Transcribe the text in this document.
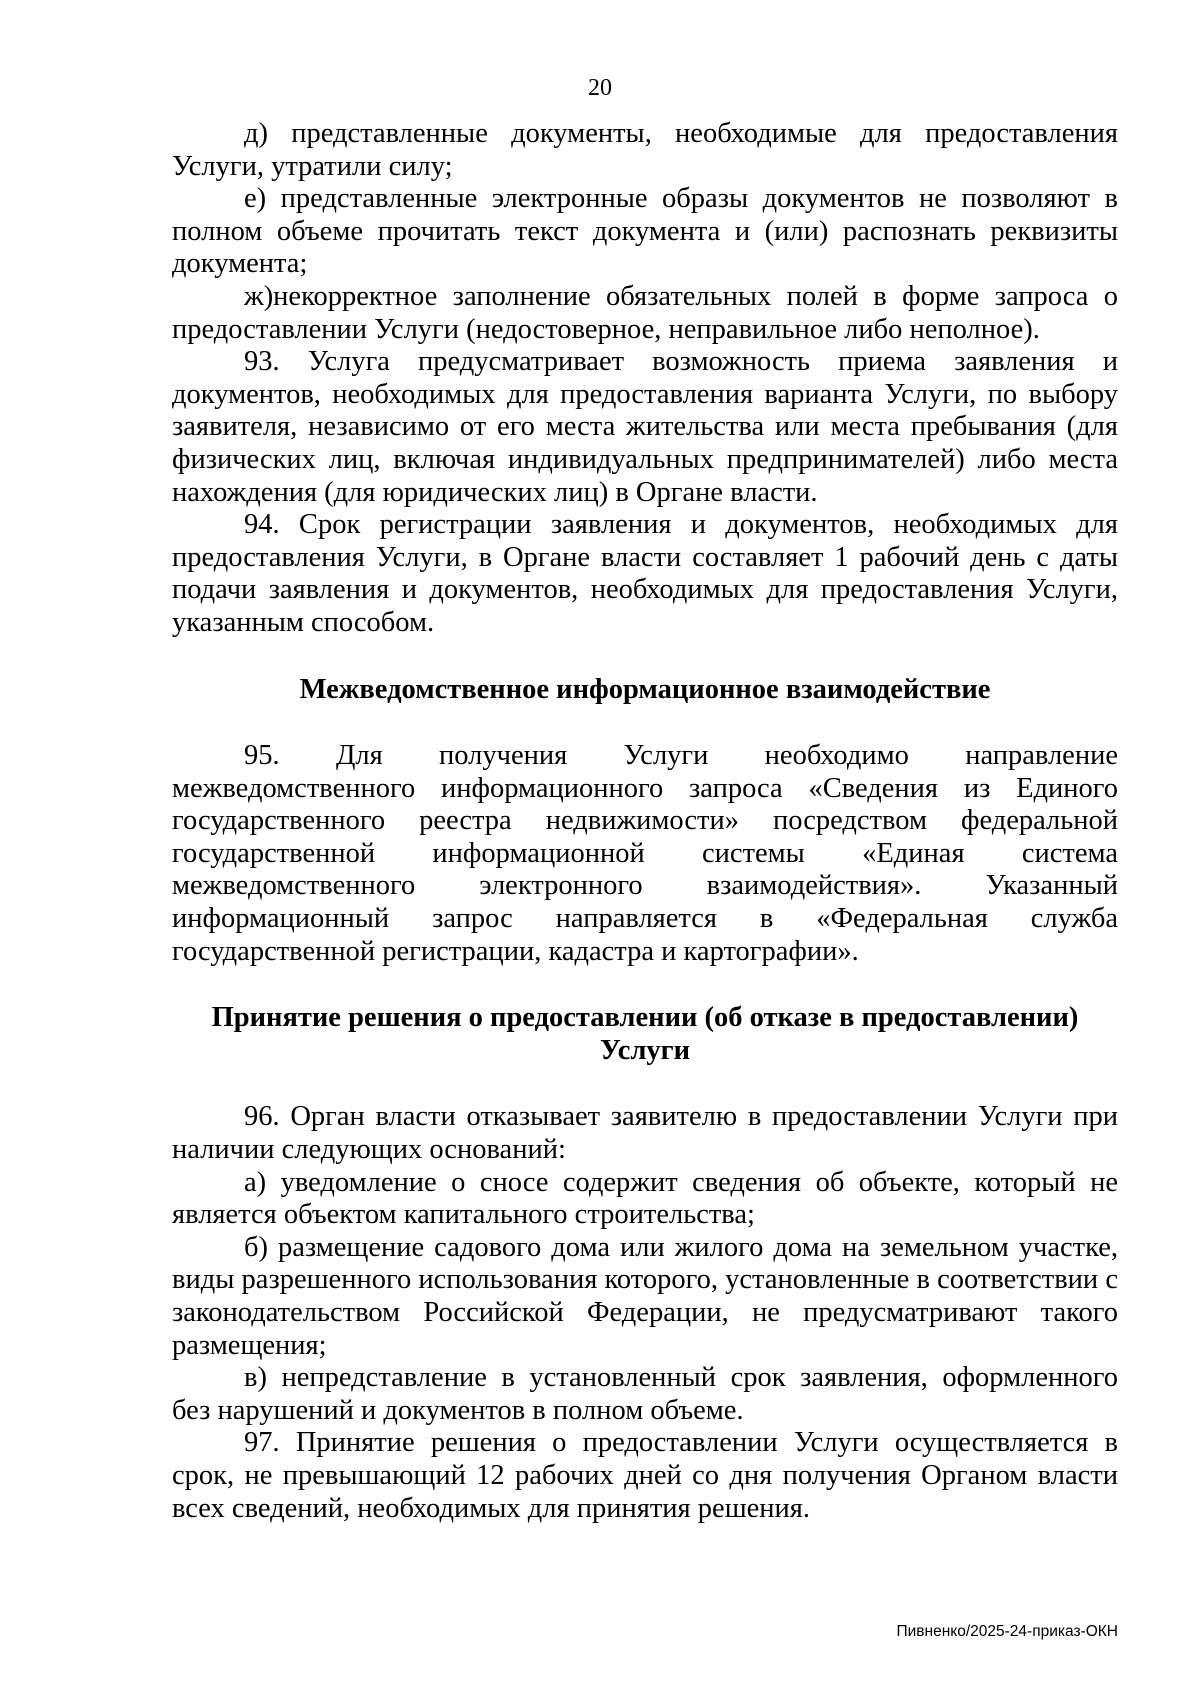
20

д) представленные документы, необходимые для предоставления Услуги, утратили силу;

е) представленные электронные образы документов не позволяют в полном объеме прочитать текст документа и (или) распознать реквизиты документа;

ж)некорректное заполнение обязательных полей в форме запроса о предоставлении Услуги (недостоверное, неправильное либо неполное).

93. Услуга предусматривает возможность приема заявления и документов, необходимых для предоставления варианта Услуги, по выбору заявителя, независимо от его места жительства или места пребывания (для физических лиц, включая индивидуальных предпринимателей) либо места нахождения (для юридических лиц) в Органе власти.

94. Срок регистрации заявления и документов, необходимых для предоставления Услуги, в Органе власти составляет 1 рабочий день с даты подачи заявления и документов, необходимых для предоставления Услуги, указанным способом.

Межведомственное информационное взаимодействие

95. Для получения Услуги необходимо направление межведомственного информационного запроса «Сведения из Единого государственного реестра недвижимости» посредством федеральной государственной информационной системы «Единая система межведомственного электронного взаимодействия». Указанный информационный запрос направляется в «Федеральная служба государственной регистрации, кадастра и картографии».

Принятие решения о предоставлении (об отказе в предоставлении)
Услуги

96. Орган власти отказывает заявителю в предоставлении Услуги при наличии следующих оснований:

а) уведомление о сносе содержит сведения об объекте, который не является объектом капитального строительства;

б) размещение садового дома или жилого дома на земельном участке, виды разрешенного использования которого, установленные в соответствии с законодательством Российской Федерации, не предусматривают такого размещения;

в) непредставление в установленный срок заявления, оформленного без нарушений и документов в полном объеме.

97. Принятие решения о предоставлении Услуги осуществляется в срок, не превышающий 12 рабочих дней со дня получения Органом власти всех сведений, необходимых для принятия решения.

Пивненко/2025-24-приказ-ОКН
